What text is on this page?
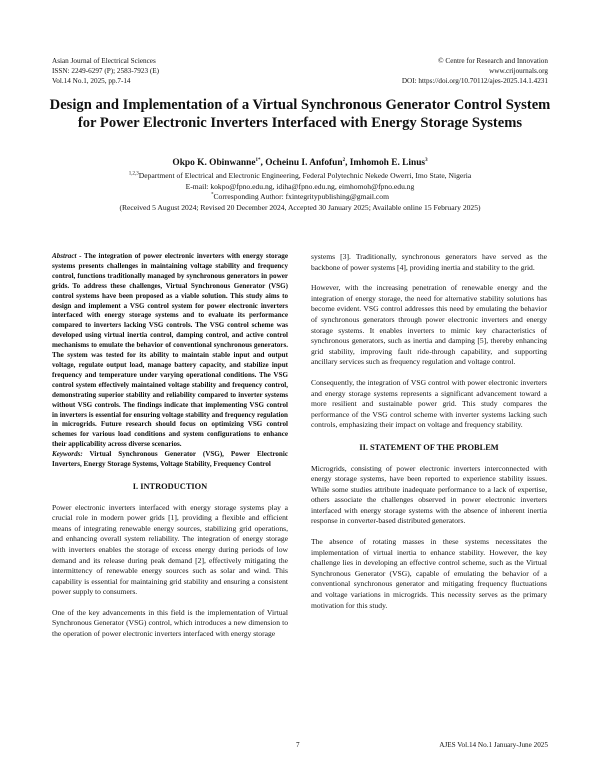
Asian Journal of Electrical Sciences
ISSN: 2249-6297 (P); 2583-7923 (E)
Vol.14 No.1, 2025, pp.7-14
© Centre for Research and Innovation
www.crijournals.org
DOI: https://doi.org/10.70112/ajes-2025.14.1.4231
Design and Implementation of a Virtual Synchronous Generator Control System for Power Electronic Inverters Interfaced with Energy Storage Systems
Okpo K. Obinwanne$^{1*}$, Ocheinu I. Anfofun$^2$, Imhomoh E. Linus$^3$
$^{1,2,3}$Department of Electrical and Electronic Engineering, Federal Polytechnic Nekede Owerri, Imo State, Nigeria
E-mail: kokpo@fpno.edu.ng, idiha@fpno.edu.ng, eimhomoh@fpno.edu.ng
*Corresponding Author: fxintegritypublishing@gmail.com
(Received 5 August 2024; Revised 20 December 2024, Accepted 30 January 2025; Available online 15 February 2025)
Abstract - The integration of power electronic inverters with energy storage systems presents challenges in maintaining voltage stability and frequency control, functions traditionally managed by synchronous generators in power grids. To address these challenges, Virtual Synchronous Generator (VSG) control systems have been proposed as a viable solution. This study aims to design and implement a VSG control system for power electronic inverters interfaced with energy storage systems and to evaluate its performance compared to inverters lacking VSG controls. The VSG control scheme was developed using virtual inertia control, damping control, and active control mechanisms to emulate the behavior of conventional synchronous generators. The system was tested for its ability to maintain stable input and output voltage, regulate output load, manage battery capacity, and stabilize input frequency and temperature under varying operational conditions. The VSG control system effectively maintained voltage stability and frequency control, demonstrating superior stability and reliability compared to inverter systems without VSG controls. The findings indicate that implementing VSG control in inverters is essential for ensuring voltage stability and frequency regulation in microgrids. Future research should focus on optimizing VSG control schemes for various load conditions and system configurations to enhance their applicability across diverse scenarios.
Keywords: Virtual Synchronous Generator (VSG), Power Electronic Inverters, Energy Storage Systems, Voltage Stability, Frequency Control
I. INTRODUCTION

Power electronic inverters interfaced with energy storage systems play a crucial role in modern power grids [1], providing a flexible and efficient means of integrating renewable energy sources, stabilizing grid operations, and enhancing overall system reliability. The integration of energy storage with inverters enables the storage of excess energy during periods of low demand and its release during peak demand [2], effectively mitigating the intermittency of renewable energy sources such as solar and wind. This capability is essential for maintaining grid stability and ensuring a consistent power supply to consumers.

One of the key advancements in this field is the implementation of Virtual Synchronous Generator (VSG) control, which introduces a new dimension to the operation of power electronic inverters interfaced with energy storage

systems [3]. Traditionally, synchronous generators have served as the backbone of power systems [4], providing inertia and stability to the grid.

However, with the increasing penetration of renewable energy and the integration of energy storage, the need for alternative stability solutions has become evident. VSG control addresses this need by emulating the behavior of synchronous generators through power electronic inverters and energy storage systems. It enables inverters to mimic key characteristics of synchronous generators, such as inertia and damping [5], thereby enhancing grid stability, improving fault ride-through capability, and supporting ancillary services such as frequency regulation and voltage control.

Consequently, the integration of VSG control with power electronic inverters and energy storage systems represents a significant advancement toward a more resilient and sustainable power grid. This study compares the performance of the VSG control scheme with inverter systems lacking such controls, emphasizing their impact on voltage and frequency stability.

II. STATEMENT OF THE PROBLEM

Microgrids, consisting of power electronic inverters interconnected with energy storage systems, have been reported to experience stability issues. While some studies attribute inadequate performance to a lack of expertise, others associate the challenges observed in power electronic inverters interfaced with energy storage systems with the absence of inherent inertia response in converter-based distributed generators.

The absence of rotating masses in these systems necessitates the implementation of virtual inertia to enhance stability. However, the key challenge lies in developing an effective control scheme, such as the Virtual Synchronous Generator (VSG), capable of emulating the behavior of a conventional synchronous generator and mitigating frequency fluctuations and voltage variations in microgrids. This necessity serves as the primary motivation for this study.

7	AJES Vol.14 No.1 January-June 2025
